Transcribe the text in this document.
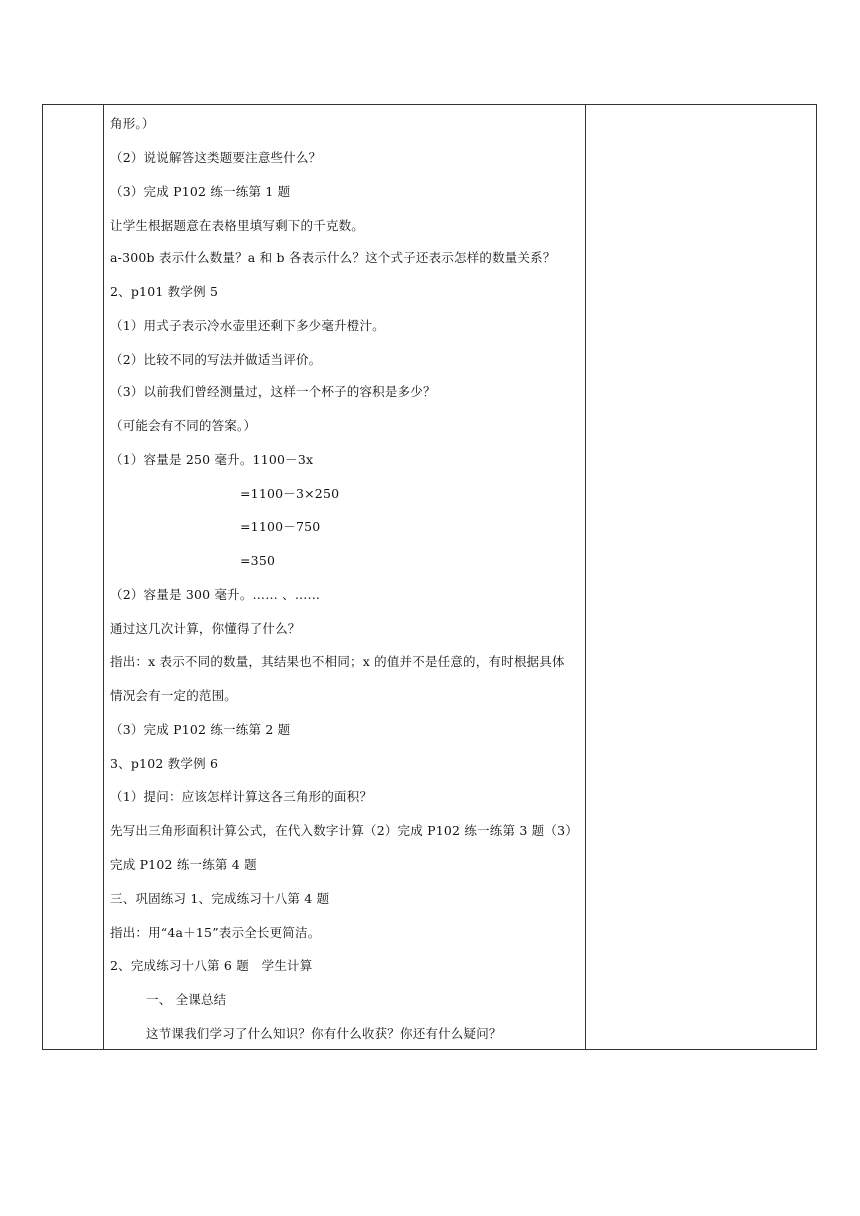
角形。）
（2）说说解答这类题要注意些什么？
（3）完成 P102 练一练第 1 题
让学生根据题意在表格里填写剩下的千克数。
a-300b 表示什么数量？a 和 b 各表示什么？这个式子还表示怎样的数量关系？
2、p101 教学例 5
（1）用式子表示冷水壶里还剩下多少毫升橙汁。
（2）比较不同的写法并做适当评价。
（3）以前我们曾经测量过，这样一个杯子的容积是多少？
（可能会有不同的答案。）
（1）容量是 250 毫升。1100－3x
=1100－3×250
=1100－750
=350
（2）容量是 300 毫升。…… 、……
通过这几次计算，你懂得了什么？
指出：x 表示不同的数量，其结果也不相同；x 的值并不是任意的，有时根据具体
情况会有一定的范围。
（3）完成 P102 练一练第 2 题
3、p102 教学例 6
（1）提问：应该怎样计算这各三角形的面积？
先写出三角形面积计算公式，在代入数字计算（2）完成 P102 练一练第 3 题（3）
完成 P102 练一练第 4 题
三、巩固练习 1、完成练习十八第 4 题
指出：用“4a＋15”表示全长更简洁。
2、完成练习十八第 6 题　学生计算
一、 全课总结
这节课我们学习了什么知识？你有什么收获？你还有什么疑问？
